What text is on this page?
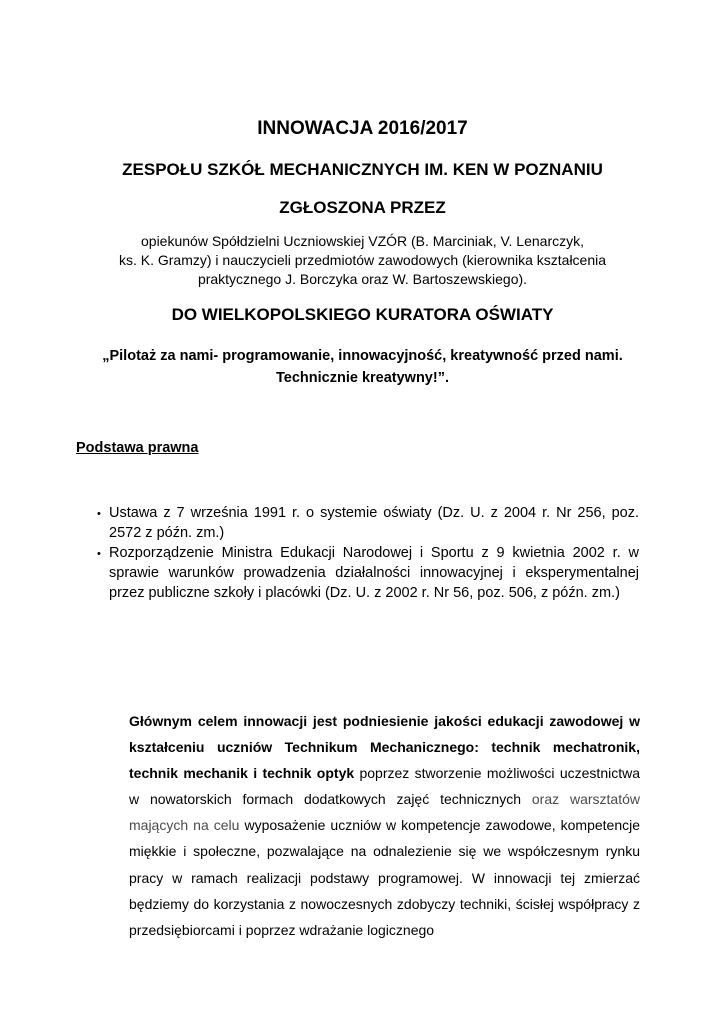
INNOWACJA 2016/2017
ZESPOŁU SZKÓŁ MECHANICZNYCH IM. KEN W POZNANIU
ZGŁOSZONA PRZEZ
opiekunów Spółdzielni Uczniowskiej VZÓR (B. Marciniak, V. Lenarczyk,
ks. K. Gramzy) i nauczycieli przedmiotów zawodowych (kierownika kształcenia
praktycznego J. Borczyka oraz W. Bartoszewskiego).
DO WIELKOPOLSKIEGO KURATORA OŚWIATY
„Pilotaż za nami- programowanie, innowacyjność, kreatywność przed nami.
Technicznie kreatywny!”.
Podstawa prawna
• Ustawa z 7 września 1991 r. o systemie oświaty (Dz. U. z 2004 r. Nr 256, poz. 2572 z późn. zm.)
• Rozporządzenie Ministra Edukacji Narodowej i Sportu z 9 kwietnia 2002 r. w sprawie warunków prowadzenia działalności innowacyjnej i eksperymentalnej przez publiczne szkoły i placówki (Dz. U. z 2002 r. Nr 56, poz. 506, z późn. zm.)

Głównym celem innowacji jest podniesienie jakości edukacji zawodowej w kształceniu uczniów Technikum Mechanicznego: technik mechatronik, technik mechanik i technik optyk poprzez stworzenie możliwości uczestnictwa w nowatorskich formach dodatkowych zajęć technicznych oraz warsztatów mających na celu wyposażenie uczniów w kompetencje zawodowe, kompetencje miękkie i społeczne, pozwalające na odnalezienie się we współczesnym rynku pracy w ramach realizacji podstawy programowej. W innowacji tej zmierzać będziemy do korzystania z nowoczesnych zdobyczy techniki, ścisłej współpracy z przedsiębiorcami i poprzez wdrażanie logicznego
